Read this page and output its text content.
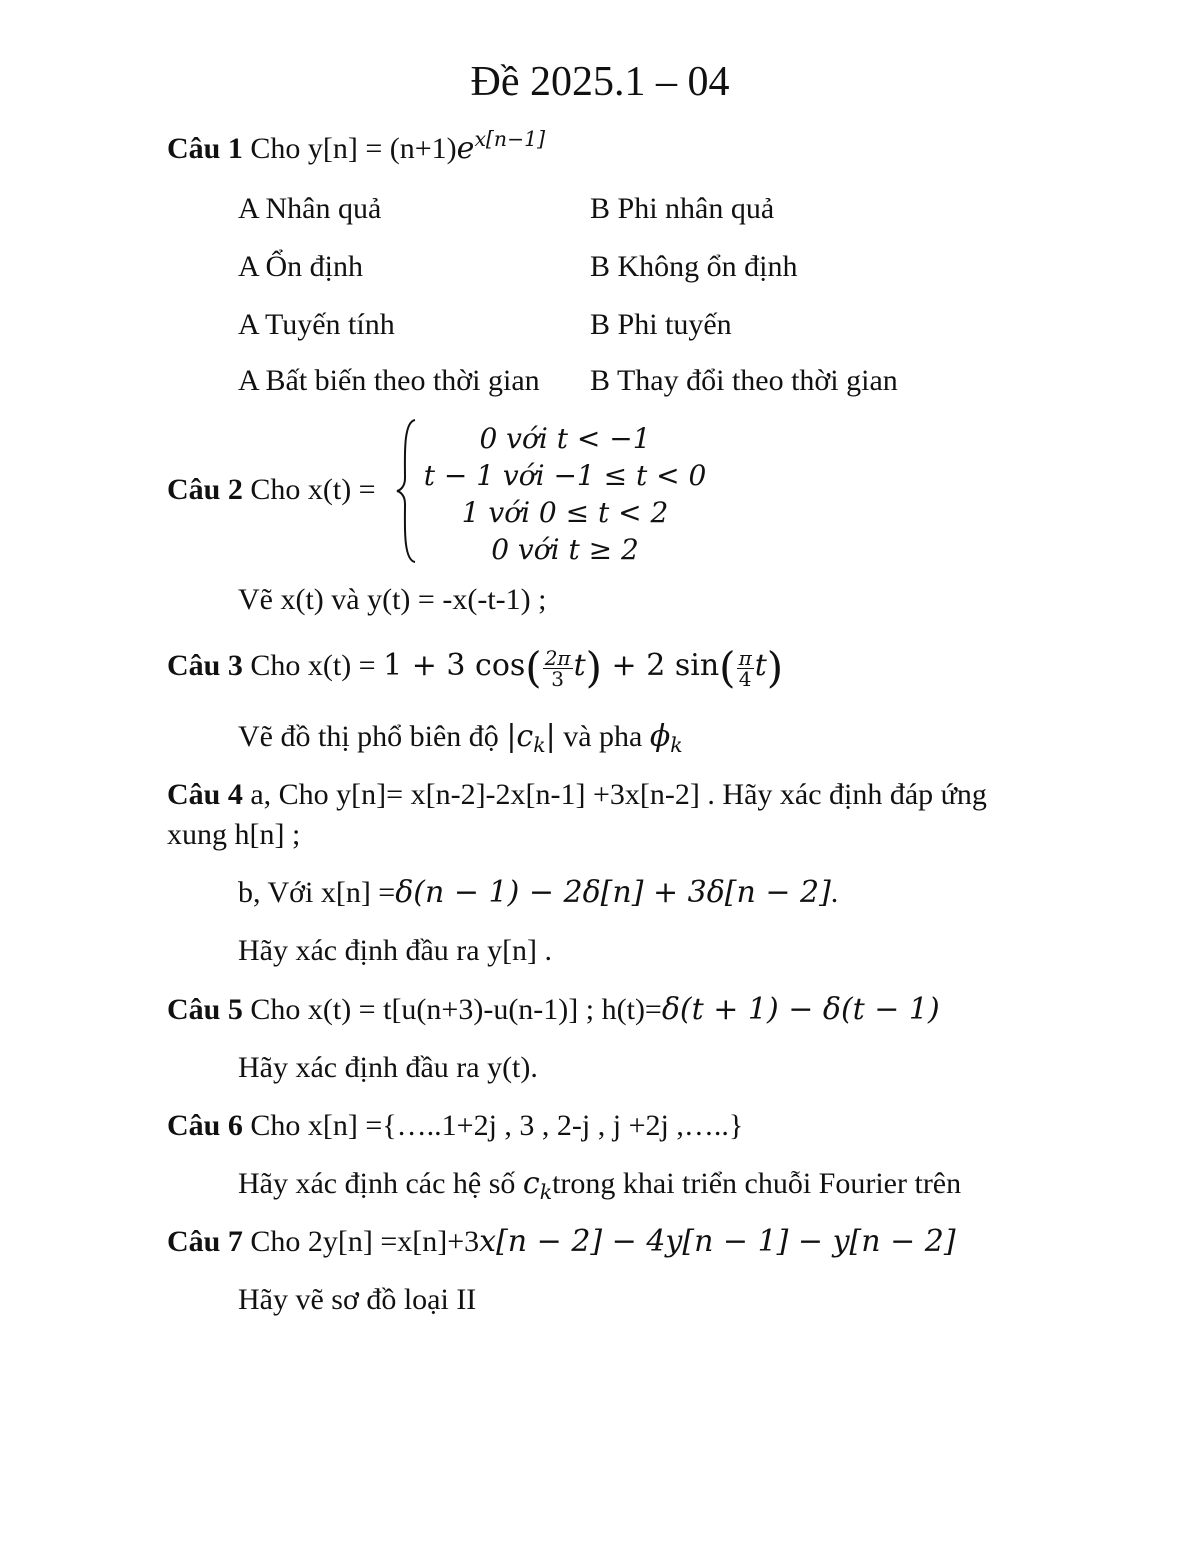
Đề 2025.1 – 04
Câu 1 Cho $y[n] = (n+1)e^{x[n-1]}$
A Nhân quả	B Phi nhân quả
A Ổn định	B Không ổn định
A Tuyến tính	B Phi tuyến
A Bất biến theo thời gian B Thay đổi theo thời gian
Câu 2 Cho x(t) =
0 với t < −1
t − 1 với −1 ≤ t < 0
1 với 0 ≤ t < 2
0 với t ≥ 2
Vẽ x(t) và y(t) = -x(-t-1) ;
Câu 3 Cho x(t) = 1 + 3 $\cos( \frac{2\pi}{3} t) + 2$ $\sin( \frac{\pi}{4} t)$
Vẽ đồ thị phổ biên độ $|c_k|$ và pha $\phi_k$
Câu 4 a, Cho y[n]= x[n-2]-2x[n-1] +3x[n-2] . Hãy xác định đáp ứng
xung h[n] ;
b, Với x[n] =δ(n − 1) − 2δ[n] + 3δ[n − 2].
Hãy xác định đầu ra y[n] .
Câu 5 Cho x(t) = t[u(n+3)-u(n-1)] ; h(t)=δ(t + 1) − δ(t − 1)
Hãy xác định đầu ra y(t).
Câu 6 Cho x[n] ={…..1+2j , 3 , 2-j , j +2j ,…..}
Hãy xác định các hệ số $c_ktrong$ khai triển chuỗi Fourier trên
Câu 7 Cho 2y[n] =x[n]+3x[n − 2] − 4y[n − 1] − y[n − 2]
Hãy vẽ sơ đồ loại II
